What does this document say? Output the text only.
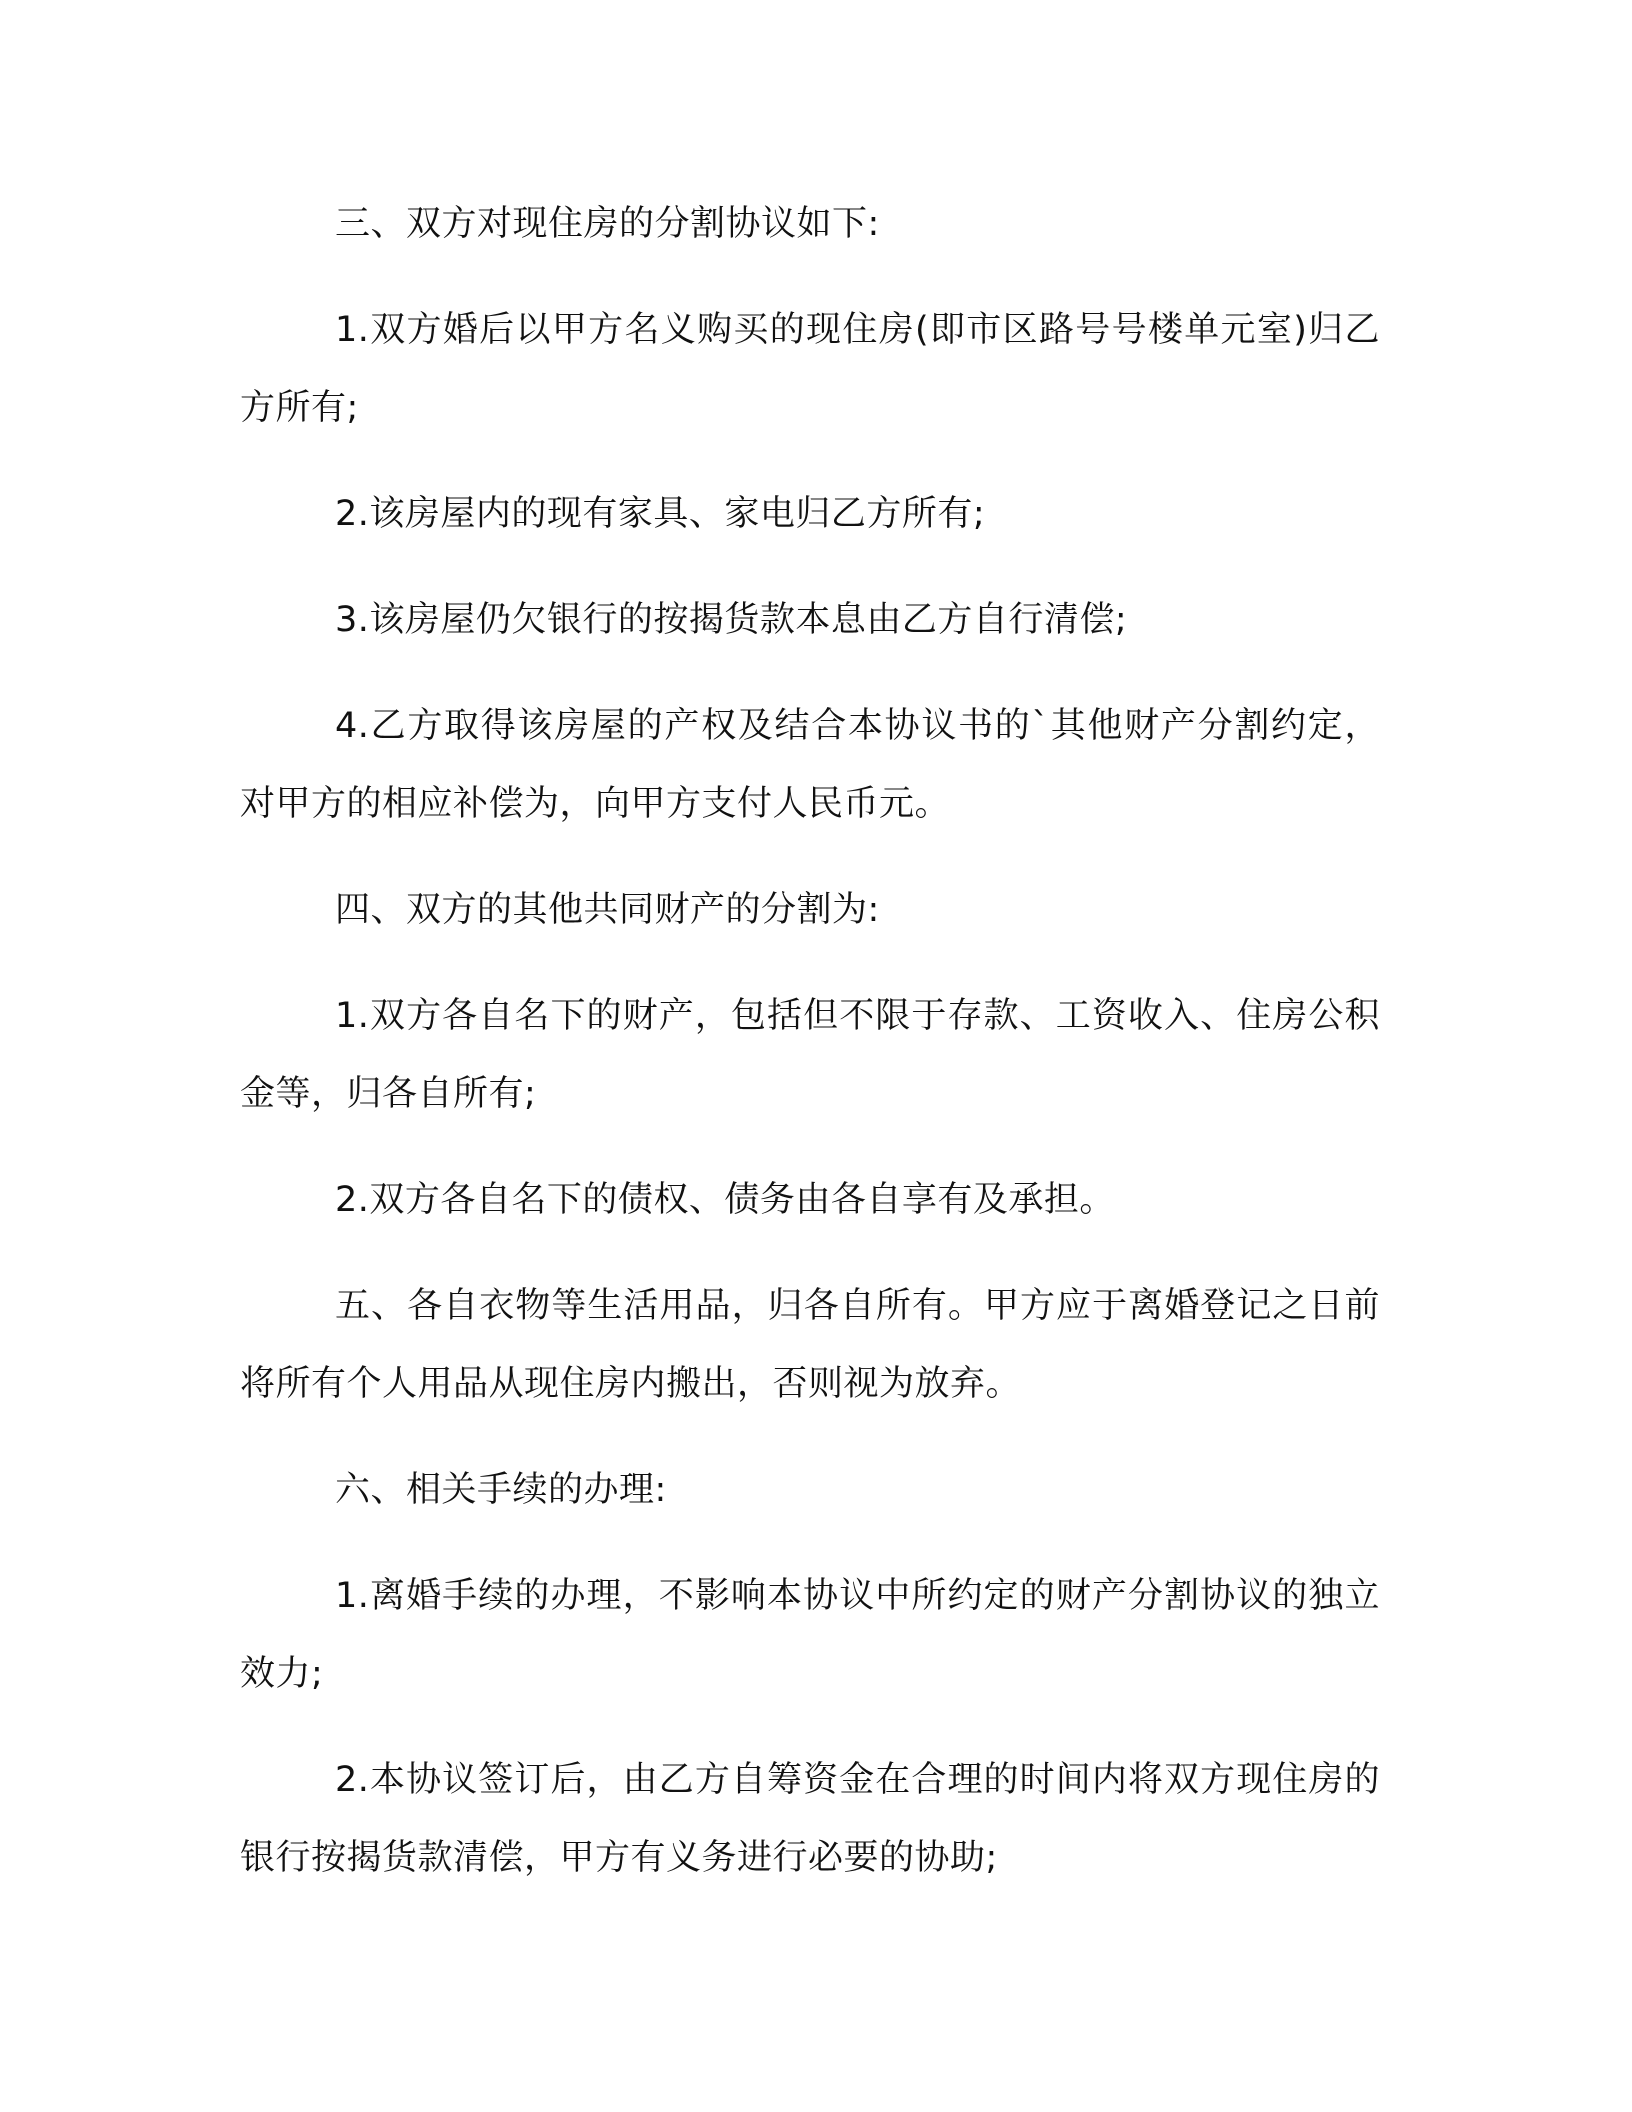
三、双方对现住房的分割协议如下:

1.双方婚后以甲方名义购买的现住房(即市区路号号楼单元室)归乙方所有;

2.该房屋内的现有家具、家电归乙方所有;

3.该房屋仍欠银行的按揭货款本息由乙方自行清偿;

4.乙方取得该房屋的产权及结合本协议书的`其他财产分割约定，对甲方的相应补偿为，向甲方支付人民币元。

四、双方的其他共同财产的分割为:

1.双方各自名下的财产，包括但不限于存款、工资收入、住房公积金等，归各自所有;

2.双方各自名下的债权、债务由各自享有及承担。

五、各自衣物等生活用品，归各自所有。甲方应于离婚登记之日前将所有个人用品从现住房内搬出，否则视为放弃。

六、相关手续的办理:

1.离婚手续的办理，不影响本协议中所约定的财产分割协议的独立效力;

2.本协议签订后，由乙方自筹资金在合理的时间内将双方现住房的银行按揭货款清偿，甲方有义务进行必要的协助;
